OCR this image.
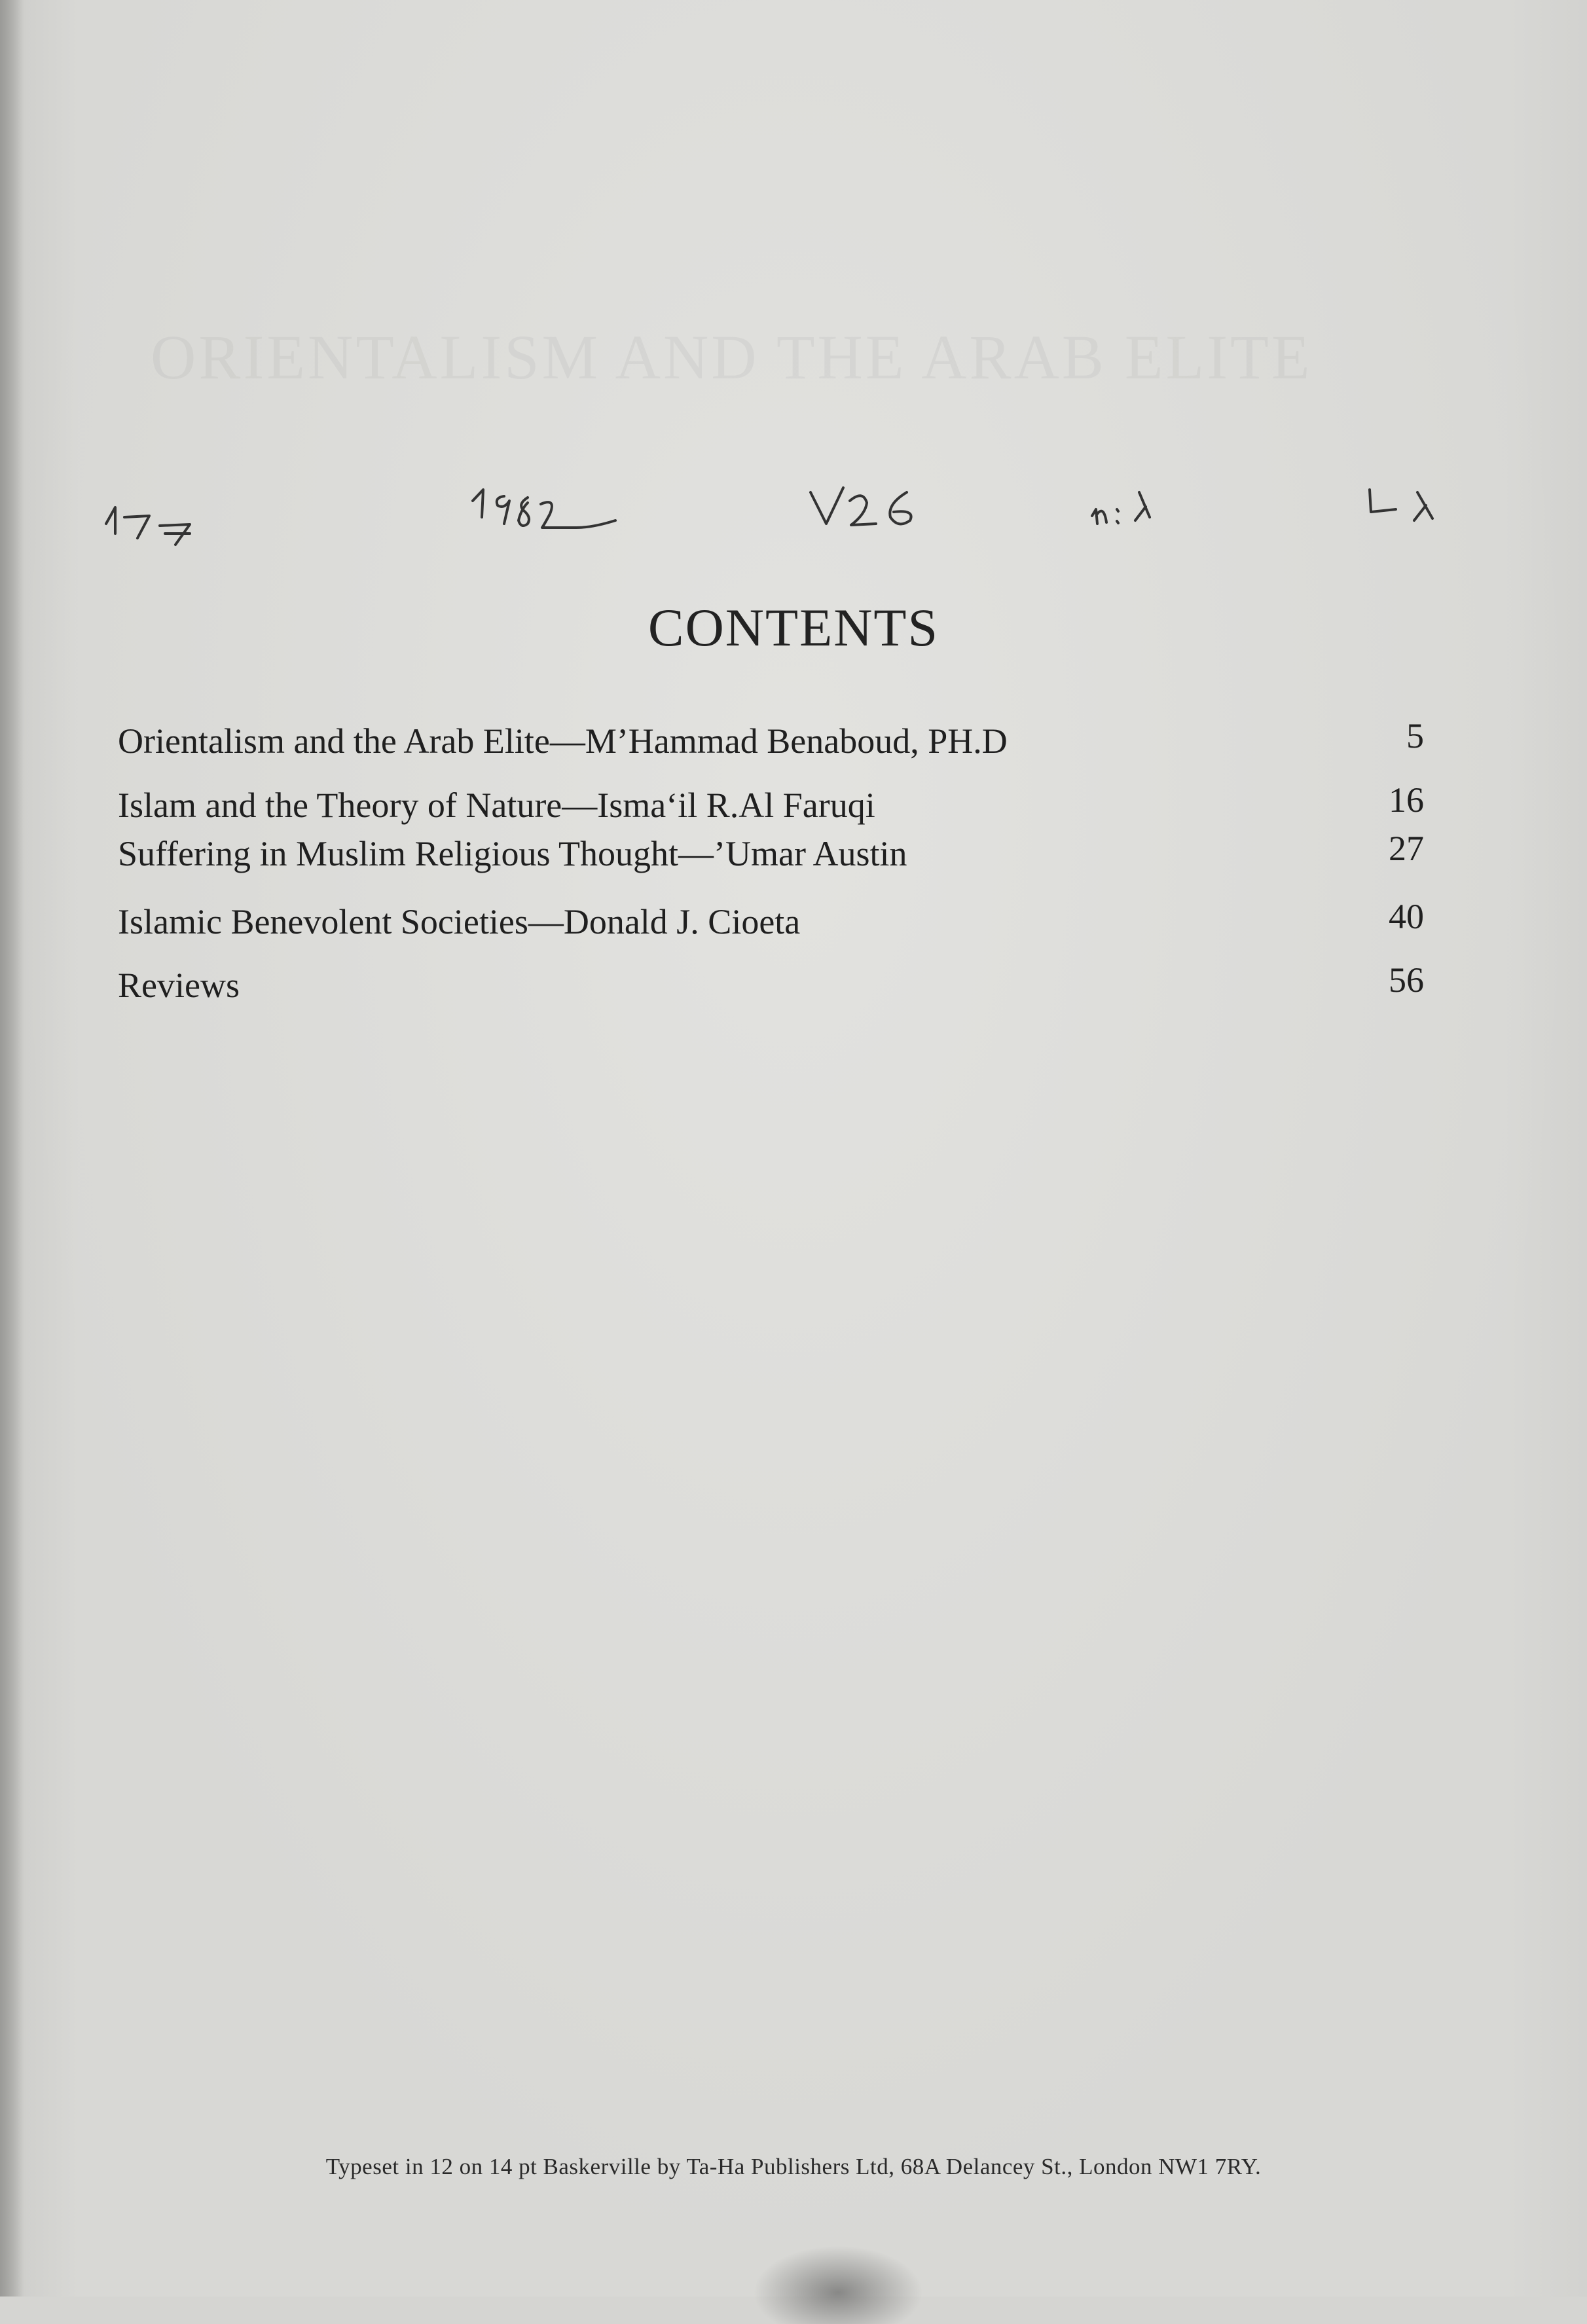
ORIENTALISM AND THE ARAB ELITE
CONTENTS
Orientalism and the Arab Elite—M’Hammad Benaboud, PH.D	5
Islam and the Theory of Nature—Isma‘il R.Al Faruqi	16
Suffering in Muslim Religious Thought—’Umar Austin	27
Islamic Benevolent Societies—Donald J. Cioeta	40
Reviews	56
Typeset in 12 on 14 pt Baskerville by Ta-Ha Publishers Ltd, 68A Delancey St., London NW1 7RY.
